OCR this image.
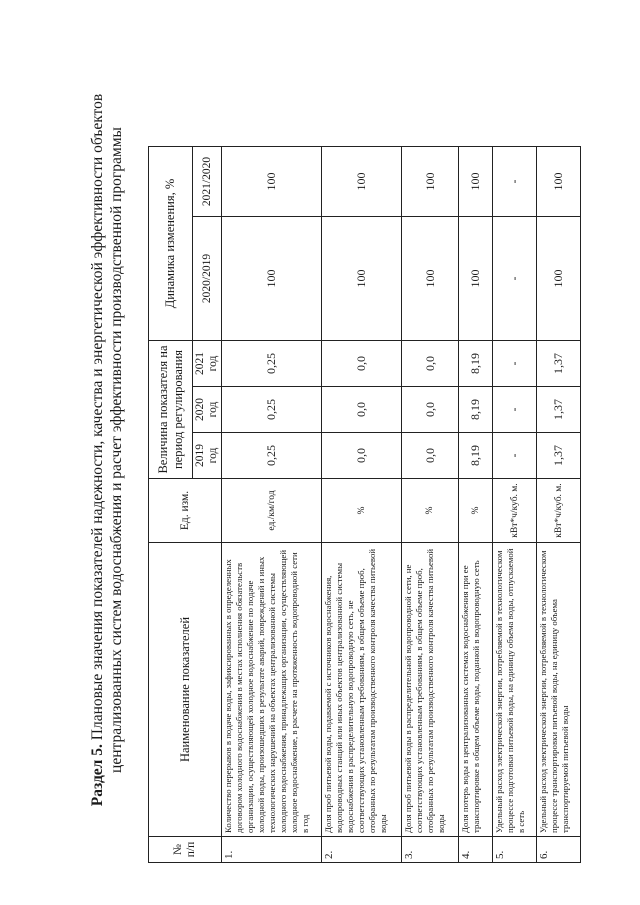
Раздел 5. Плановые значения показателей надежности, качества и энергетической эффективности объектов централизованных систем водоснабжения и расчет эффективности производственной программы
№ п/п	Наименование показателей	Ед. изм.	Величина показателя на период регулирования			Динамика изменения, %	
			2019 год	2020 год	2021 год	2020/2019	2021/2020
1.	Количество перерывов в подаче воды, зафиксированных в определенных договором холодного водоснабжения в местах исполнения обязательств организации, осуществляющей холодное водоснабжение по подаче холодной воды, произошедших в результате аварий, повреждений и иных технологических нарушений на объектах централизованной системы холодного водоснабжения, принадлежащих организации, осуществляющей холодное водоснабжение, в расчете на протяженность водопроводной сети в год	ед./км/год	0,25	0,25	0,25	100	100
2.	Доля проб питьевой воды, подаваемой с источников водоснабжения, водопроводных станций или иных объектов централизованной системы водоснабжения в распределительную водопроводную сеть, не соответствующих установленным требованиям, в общем объеме проб, отобранных по результатам производственного контроля качества питьевой воды	%	0,0	0,0	0,0	100	100
3.	Доля проб питьевой воды в распределительной водопроводной сети, не соответствующих установленным требованиям, в общем объеме проб, отобранных по результатам производственного контроля качества питьевой воды	%	0,0	0,0	0,0	100	100
4.	Доля потерь воды в централизованных системах водоснабжения при ее транспортировке в общем объеме воды, поданной в водопроводную сеть	%	8,19	8,19	8,19	100	100
5.	Удельный расход электрической энергии, потребляемой в технологическом процессе подготовки питьевой воды, на единицу объема воды, отпускаемой в сеть	кВт*ч/куб. м.	-	-	-	-	-
6.	Удельный расход электрической энергии, потребляемой в технологическом процессе транспортировки питьевой воды, на единицу объема транспортируемой питьевой воды	кВт*ч/куб. м.	1,37	1,37	1,37	100	100
